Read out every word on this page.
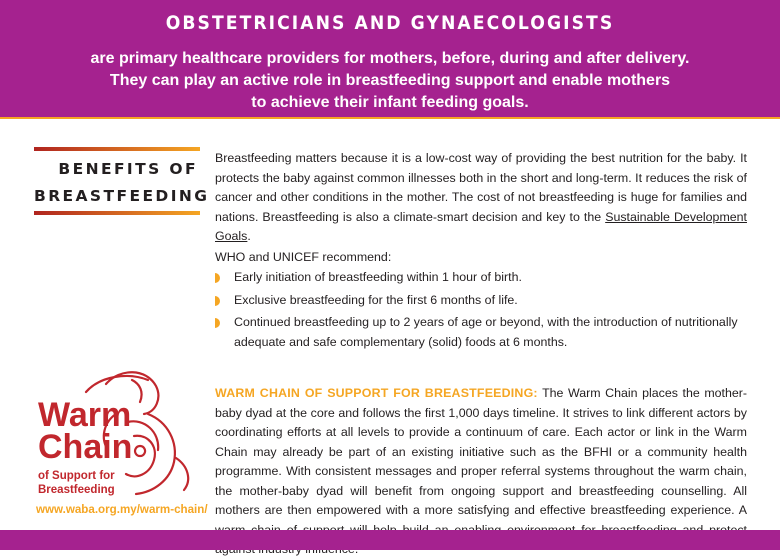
OBSTETRICIANS AND GYNAECOLOGISTS
are primary healthcare providers for mothers, before, during and after delivery.
They can play an active role in breastfeeding support and enable mothers
to achieve their infant feeding goals.
BENEFITS OF
BREASTFEEDING
Breastfeeding matters because it is a low-cost way of providing the best nutrition for the baby. It protects the baby against common illnesses both in the short and long-term. It reduces the risk of cancer and other conditions in the mother. The cost of not breastfeeding is huge for families and nations. Breastfeeding is also a climate-smart decision and key to the Sustainable Development Goals.
WHO and UNICEF recommend:
Early initiation of breastfeeding within 1 hour of birth.
Exclusive breastfeeding for the first 6 months of life.
Continued breastfeeding up to 2 years of age or beyond, with the introduction of nutritionally adequate and safe complementary (solid) foods at 6 months.
Warm
Chain
of Support for
Breastfeeding
www.waba.org.my/warm-chain/
WARM CHAIN OF SUPPORT FOR BREASTFEEDING: The Warm Chain places the mother-baby dyad at the core and follows the first 1,000 days timeline. It strives to link different actors by coordinating efforts at all levels to provide a continuum of care. Each actor or link in the Warm Chain may already be part of an existing initiative such as the BFHI or a community health programme. With consistent messages and proper referral systems throughout the warm chain, the mother-baby dyad will benefit from ongoing support and breastfeeding counselling. All mothers are then empowered with a more satisfying and effective breastfeeding experience. A
